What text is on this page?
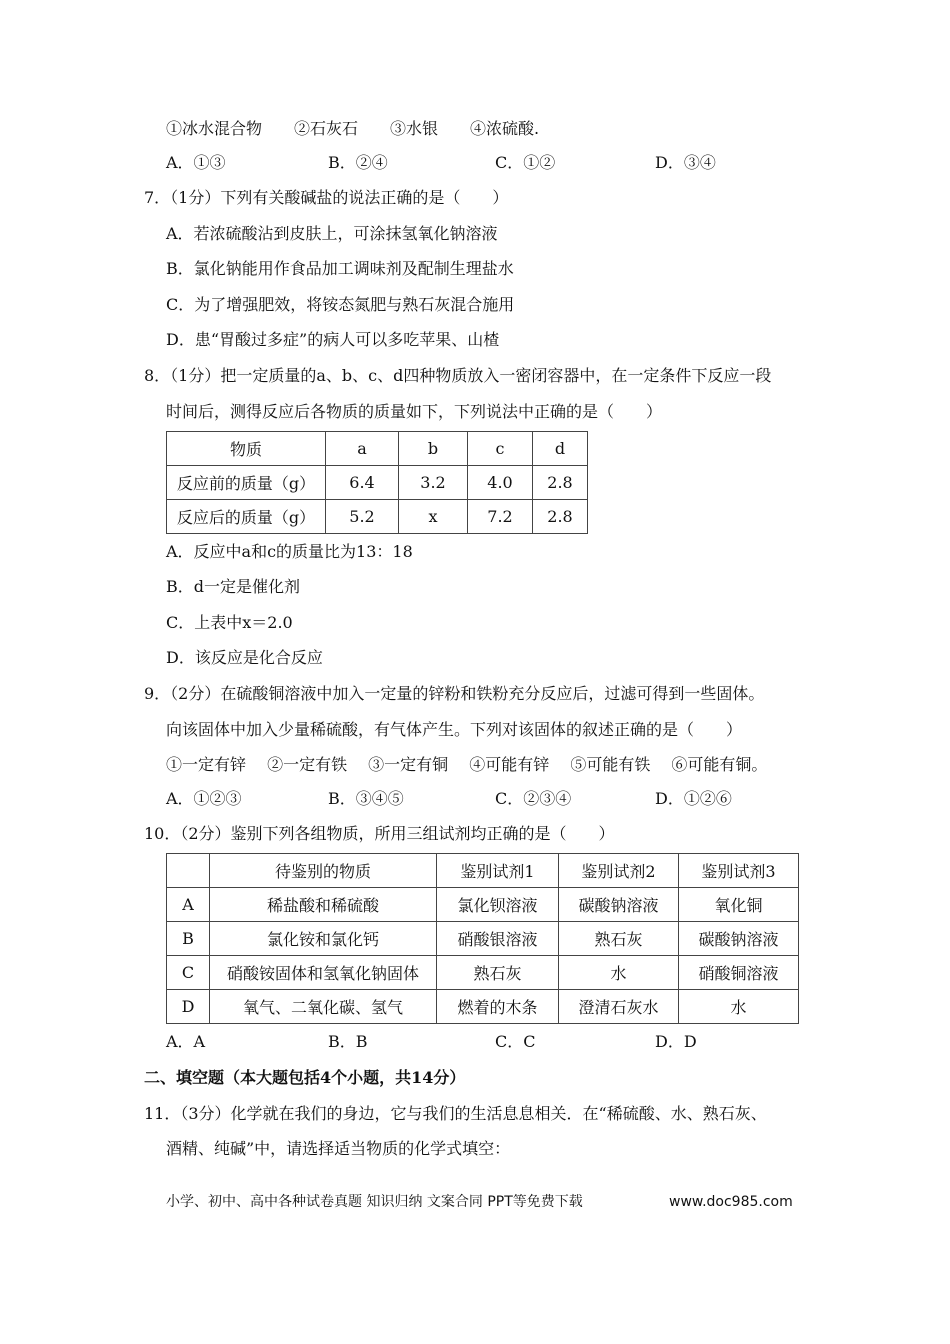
①冰水混合物　　②石灰石　　③水银　　④浓硫酸.
A．①③	B．②④	C．①②	D．③④
7．（1分）下列有关酸碱盐的说法正确的是（　　）
A．若浓硫酸沾到皮肤上，可涂抹氢氧化钠溶液
B．氯化钠能用作食品加工调味剂及配制生理盐水
C．为了增强肥效，将铵态氮肥与熟石灰混合施用
D．患“胃酸过多症”的病人可以多吃苹果、山楂
8．（1分）把一定质量的a、b、c、d四种物质放入一密闭容器中，在一定条件下反应一段
时间后，测得反应后各物质的质量如下，下列说法中正确的是（　　）
物质	a	b	c	d
反应前的质量（g）	6.4	3.2	4.0	2.8
反应后的质量（g）	5.2	x	7.2	2.8
A．反应中a和c的质量比为13：18
B．d一定是催化剂
C．上表中x＝2.0
D．该反应是化合反应
9．（2分）在硫酸铜溶液中加入一定量的锌粉和铁粉充分反应后，过滤可得到一些固体。
向该固体中加入少量稀硫酸，有气体产生。下列对该固体的叙述正确的是（　　）
①一定有锌　 ②一定有铁　 ③一定有铜　 ④可能有锌　 ⑤可能有铁　 ⑥可能有铜。
A．①②③	B．③④⑤	C．②③④	D．①②⑥
10．（2分）鉴别下列各组物质，所用三组试剂均正确的是（　　）
	待鉴别的物质	鉴别试剂1	鉴别试剂2	鉴别试剂3
A	稀盐酸和稀硫酸	氯化钡溶液	碳酸钠溶液	氧化铜
B	氯化铵和氯化钙	硝酸银溶液	熟石灰	碳酸钠溶液
C	硝酸铵固体和氢氧化钠固体	熟石灰	水	硝酸铜溶液
D	氧气、二氧化碳、氢气	燃着的木条	澄清石灰水	水
A．A	B．B	C．C	D．D
二、填空题（本大题包括4个小题，共14分）
11．（3分）化学就在我们的身边，它与我们的生活息息相关．在“稀硫酸、水、熟石灰、
酒精、纯碱”中，请选择适当物质的化学式填空：
小学、初中、高中各种试卷真题 知识归纳 文案合同 PPT等免费下载	www.doc985.com
